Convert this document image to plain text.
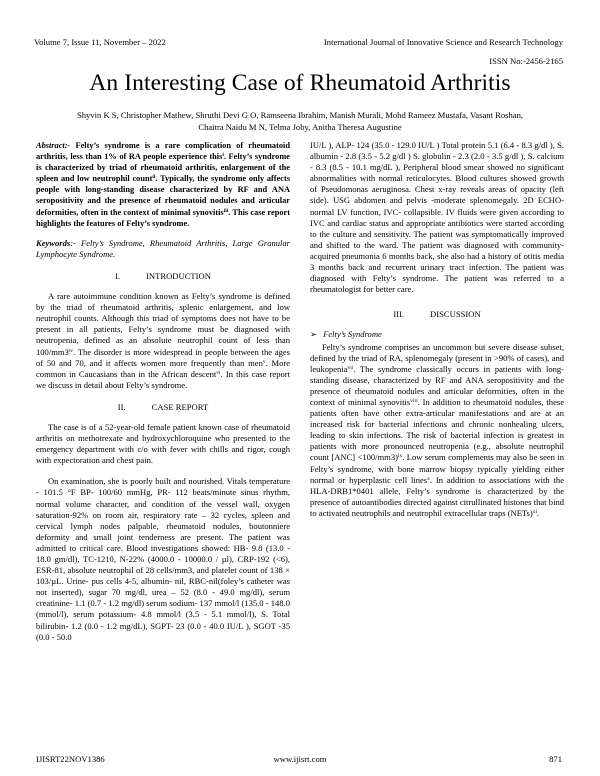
Volume 7, Issue 11, November – 2022	International Journal of Innovative Science and Research Technology
ISSN No:-2456-2165
An Interesting Case of Rheumatoid Arthritis
Shyvin K S, Christopher Mathew, Shruthi Devi G O, Ramseena Ibrahim, Manish Murali, Mohd Rameez Mustafa, Vasant Roshan,
Chaitra Naidu M N, Telma Joby, Anitha Theresa Augustine

Abstract:- Felty’s syndrome is a rare complication of rheumatoid arthritis, less than 1% of RA people experience this$^i$. Felty’s syndrome is characterized by triad of rheumatoid arthritis, enlargement of the spleen and low neutrophil count$^{ii}$. Typically, the syndrome only affects people with long-standing disease characterized by RF and ANA seropositivity and the presence of rheumatoid nodules and articular deformities, often in the context of minimal synovitis$^{iii}$. This case report highlights the features of Felty’s syndrome.

Keywords:- Felty’s Syndrome, Rheumatoid Arthritis, Large Granular Lymphocyte Syndrome.

I.	INTRODUCTION

A rare autoimmune condition known as Felty’s syndrome is defined by the triad of rheumatoid arthritis, splenic enlargement, and low neutrophil counts. Although this triad of symptoms does not have to be present in all patients, Felty’s syndrome must be diagnosed with neutropenia, defined as an absolute neutrophil count of less than 100/mm3$^{iv}$. The disorder is more widespread in people between the ages of 50 and 70, and it affects women more frequently than men$^v$. More common in Caucasians than in the African descent$^{vi}$. In this case report we discuss in detail about Felty’s syndrome.

II.	CASE REPORT

The case is of a 52-year-old female patient known case of rheumatoid arthritis on methotrexate and hydroxychloroquine who presented to the emergency department with c/o with fever with chills and rigor, cough with expectoration and chest pain.

On examination, she is poorly built and nourished. Vitals temperature - 101.5 °F BP- 100/60 mmHg, PR- 112 beats/minute sinus rhythm, normal volume character, and condition of the vessel wall, oxygen saturation-92% on room air, respiratory rate – 32 cycles, spleen and cervical lymph nodes palpable, rheumatoid nodules, boutonniere deformity and small joint tenderness are present. The patient was admitted to critical care. Blood investigations showed: HB- 9.8 (13.0 - 18.0 gm/dl), TC-1210, N-22% (4000.0 - 10000.0 / µl), CRP-192 (<6), ESR-81, absolute neutrophil of 28 cells/mm3, and platelet count of 138 × 103/µL. Urine- pus cells 4-5, albumin- nil, RBC-nil(foley’s catheter was not inserted), sugar 70 mg/dl, urea – 52 (8.0 - 49.0 mg/dl), serum creatinine- 1.1 (0.7 - 1.2 mg/dl) serum sodium- 137 mmol/l (135.0 - 148.0 (mmol/l), serum potassium- 4.8 mmol/l (3.5 - 5.1 mmol/l), S. Total bilirubin- 1.2 (0.0 - 1.2 mg/dL), SGPT- 23 (0.0 - 40.0 IU/L ), SGOT -35 (0.0 - 50.0

IU/L ), ALP- 124 (35.0 - 129.0 IU/L ) Total protein 5.1 (6.4 - 8.3 g/dl ), S. albumin - 2.8 (3.5 - 5.2 g/dl ) S. globulin - 2.3 (2.0 - 3.5 g/dl ), S. calcium - 8.3 (8.5 - 10.1 mg/dL ), Peripheral blood smear showed no significant abnormalities with normal reticulocytes. Blood cultures showed growth of Pseudomonas aeruginosa. Chest x-ray reveals areas of opacity (left side). USG abdomen and pelvis -moderate splenomegaly. 2D ECHO-normal LV function, IVC- collapsible. IV fluids were given according to IVC and cardiac status and appropriate antibiotics were started according to the culture and sensitivity. The patient was symptomatically improved and shifted to the ward. The patient was diagnosed with community-acquired pneumonia 6 months back, she also had a history of otitis media 3 months back and recurrent urinary tract infection. The patient was diagnosed with Felty’s syndrome. The patient was referred to a rheumatologist for better care.

III.	DISCUSSION

➢ Felty’s Syndrome

Felty’s syndrome comprises an uncommon but severe disease subset, defined by the triad of RA, splenomegaly (present in >90% of cases), and leukopenia$^{vii}$. The syndrome classically occurs in patients with long-standing disease, characterized by RF and ANA seropositivity and the presence of rheumatoid nodules and articular deformities, often in the context of minimal synovitis$^{viii}$. In addition to rheumatoid nodules, these patients often have other extra-articular manifestations and are at an increased risk for bacterial infections and chronic nonhealing ulcers, leading to skin infections. The risk of bacterial infection is greatest in patients with more pronounced neutropenia (e.g., absolute neutrophil count [ANC] <100/mm3)$^{ix}$. Low serum complements may also be seen in Felty’s syndrome, with bone marrow biopsy typically yielding either normal or hyperplastic cell lines$^x$. In addition to associations with the HLA-DRB1*0401 allele, Felty’s syndrome is characterized by the presence of autoantibodies directed against citrullinated histones that bind to activated neutrophils and neutrophil extracellular traps (NETs)$^{xi}$.

IJISRT22NOV1386	www.ijisrt.com	871
